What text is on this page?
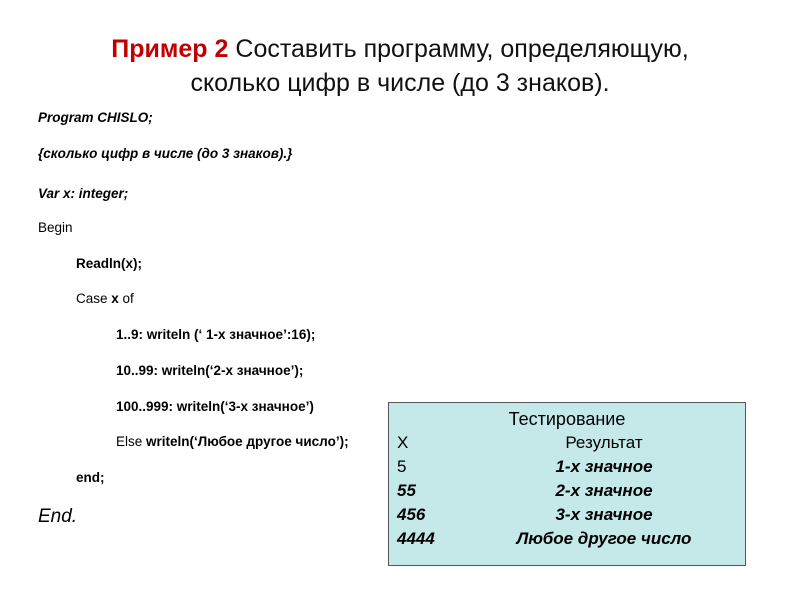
Пример 2 Составить программу, определяющую,
сколько цифр в числе (до 3 знаков).
Program CHISLO;
{сколько цифр в числе (до 3 знаков).}
Var x: integer;
Begin
Readln(x);
Case x of
1..9: writeln (‘ 1-х значное’:16);
10..99: writeln(‘2-х значное’);
100..999: writeln(‘3-х значное’)
Else writeln(‘Любое другое число’);
end;
End.
Тестирование
Х	Результат
5	1-х значное
55	2-х значное
456	3-х значное
4444	Любое другое число
